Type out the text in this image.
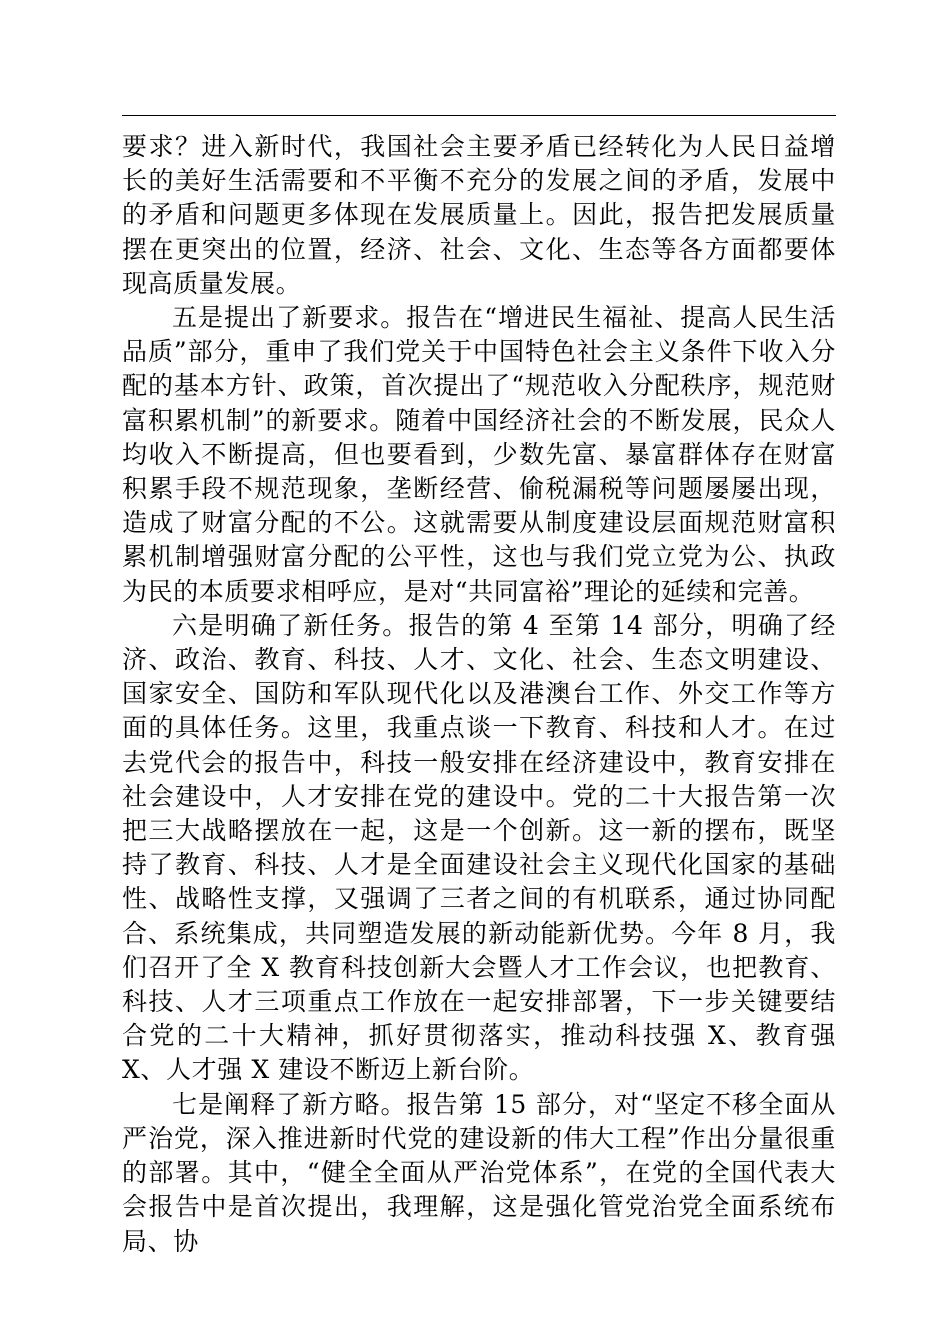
要求？进入新时代，我国社会主要矛盾已经转化为人民日益增长的美好生活需要和不平衡不充分的发展之间的矛盾，发展中的矛盾和问题更多体现在发展质量上。因此，报告把发展质量摆在更突出的位置，经济、社会、文化、生态等各方面都要体现高质量发展。

五是提出了新要求。报告在“增进民生福祉、提高人民生活品质”部分，重申了我们党关于中国特色社会主义条件下收入分配的基本方针、政策，首次提出了“规范收入分配秩序，规范财富积累机制”的新要求。随着中国经济社会的不断发展，民众人均收入不断提高，但也要看到，少数先富、暴富群体存在财富积累手段不规范现象，垄断经营、偷税漏税等问题屡屡出现，造成了财富分配的不公。这就需要从制度建设层面规范财富积累机制增强财富分配的公平性，这也与我们党立党为公、执政为民的本质要求相呼应，是对“共同富裕”理论的延续和完善。

六是明确了新任务。报告的第 4 至第 14 部分，明确了经济、政治、教育、科技、人才、文化、社会、生态文明建设、国家安全、国防和军队现代化以及港澳台工作、外交工作等方面的具体任务。这里，我重点谈一下教育、科技和人才。在过去党代会的报告中，科技一般安排在经济建设中，教育安排在社会建设中，人才安排在党的建设中。党的二十大报告第一次把三大战略摆放在一起，这是一个创新。这一新的摆布，既坚持了教育、科技、人才是全面建设社会主义现代化国家的基础性、战略性支撑，又强调了三者之间的有机联系，通过协同配合、系统集成，共同塑造发展的新动能新优势。今年 8 月，我们召开了全 X 教育科技创新大会暨人才工作会议，也把教育、科技、人才三项重点工作放在一起安排部署，下一步关键要结合党的二十大精神，抓好贯彻落实，推动科技强 X、教育强 X、人才强 X 建设不断迈上新台阶。

七是阐释了新方略。报告第 15 部分，对“坚定不移全面从严治党，深入推进新时代党的建设新的伟大工程”作出分量很重的部署。其中，“健全全面从严治党体系”，在党的全国代表大会报告中是首次提出，我理解，这是强化管党治党全面系统布局、协
